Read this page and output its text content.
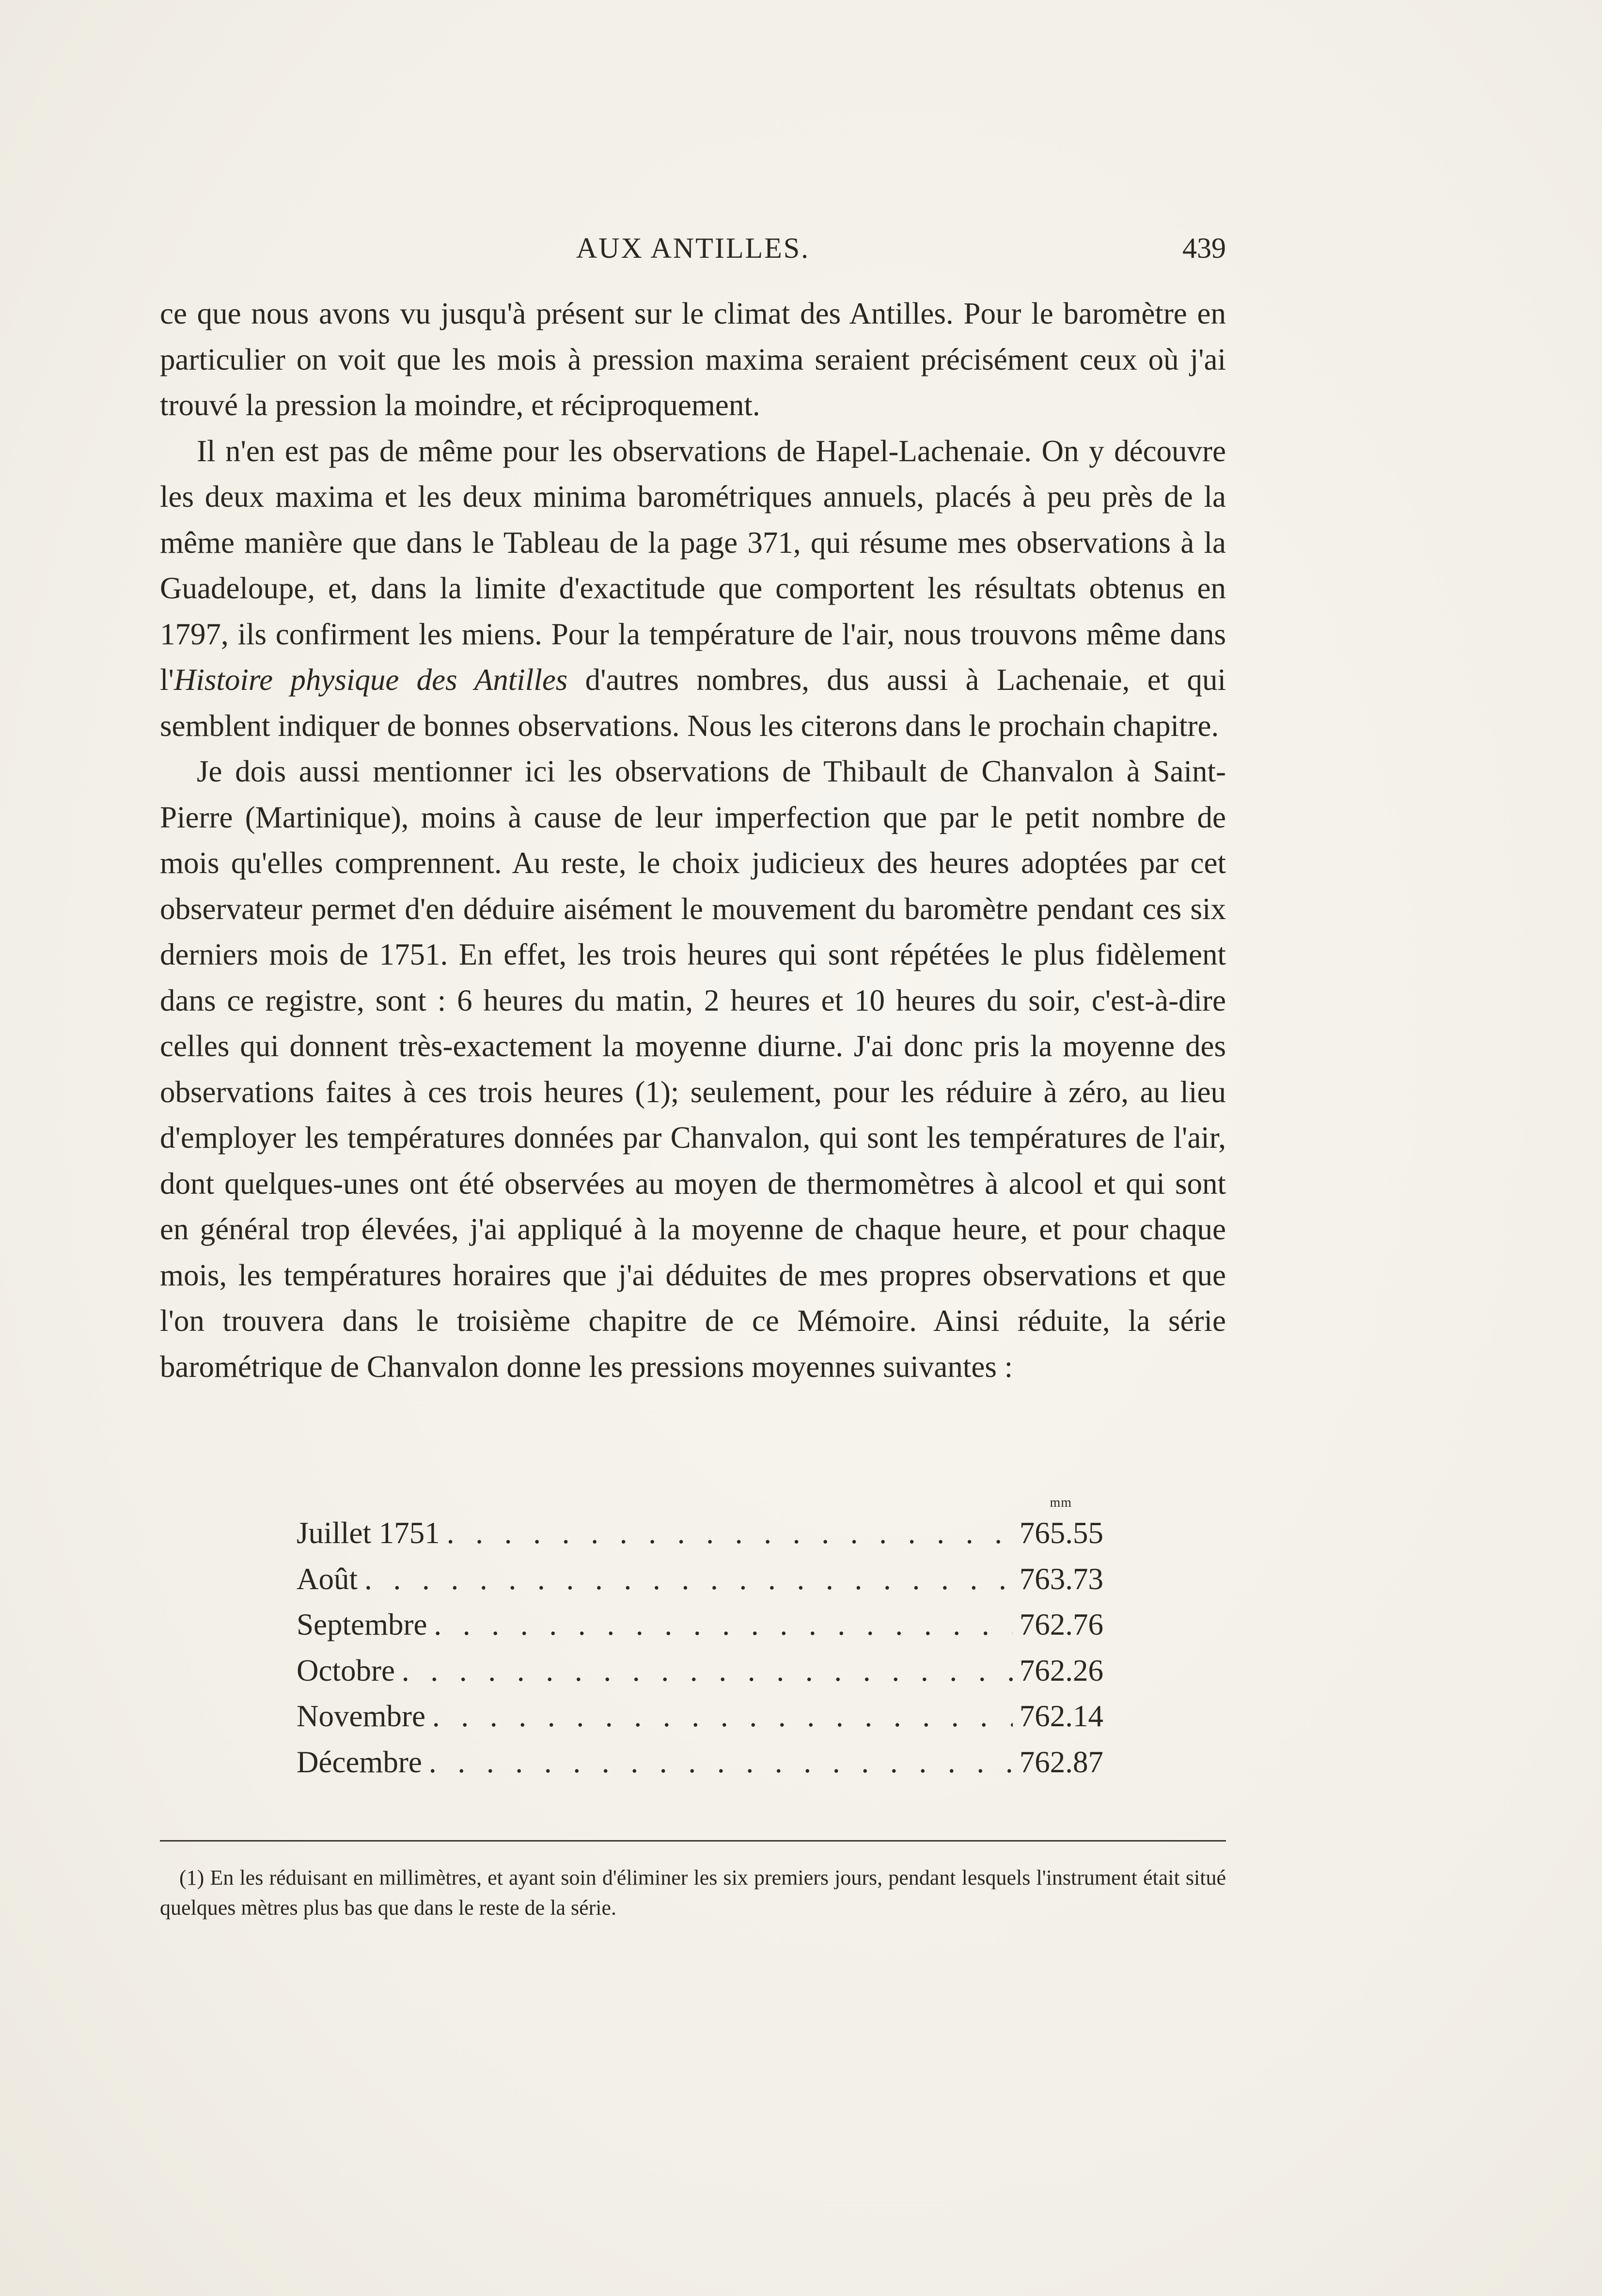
AUX ANTILLES.	439

ce que nous avons vu jusqu'à présent sur le climat des Antilles. Pour le baromètre en particulier on voit que les mois à pression maxima seraient précisément ceux où j'ai trouvé la pression la moindre, et réciproquement.

Il n'en est pas de même pour les observations de Hapel-Lachenaie. On y découvre les deux maxima et les deux minima barométriques annuels, placés à peu près de la même manière que dans le Tableau de la page 371, qui résume mes observations à la Guadeloupe, et, dans la limite d'exactitude que comportent les résultats obtenus en 1797, ils confirment les miens. Pour la température de l'air, nous trouvons même dans l'Histoire physique des Antilles d'autres nombres, dus aussi à Lachenaie, et qui semblent indiquer de bonnes observations. Nous les citerons dans le prochain chapitre.

Je dois aussi mentionner ici les observations de Thibault de Chanvalon à Saint-Pierre (Martinique), moins à cause de leur imperfection que par le petit nombre de mois qu'elles comprennent. Au reste, le choix judicieux des heures adoptées par cet observateur permet d'en déduire aisément le mouvement du baromètre pendant ces six derniers mois de 1751. En effet, les trois heures qui sont répétées le plus fidèlement dans ce registre, sont : 6 heures du matin, 2 heures et 10 heures du soir, c'est-à-dire celles qui donnent très-exactement la moyenne diurne. J'ai donc pris la moyenne des observations faites à ces trois heures (1); seulement, pour les réduire à zéro, au lieu d'employer les températures données par Chanvalon, qui sont les températures de l'air, dont quelques-unes ont été observées au moyen de thermomètres à alcool et qui sont en général trop élevées, j'ai appliqué à la moyenne de chaque heure, et pour chaque mois, les températures horaires que j'ai déduites de mes propres observations et que l'on trouvera dans le troisième chapitre de ce Mémoire. Ainsi réduite, la série barométrique de Chanvalon donne les pressions moyennes suivantes :

mm
Juillet 1751 . . .	765.55
Août . . .	763.73
Septembre . . .	762.76
Octobre . . .	762.26
Novembre . . .	762.14
Décembre . . .	762.87

(1) En les réduisant en millimètres, et ayant soin d'éliminer les six premiers jours, pendant lesquels l'instrument était situé quelques mètres plus bas que dans le reste de la série.
